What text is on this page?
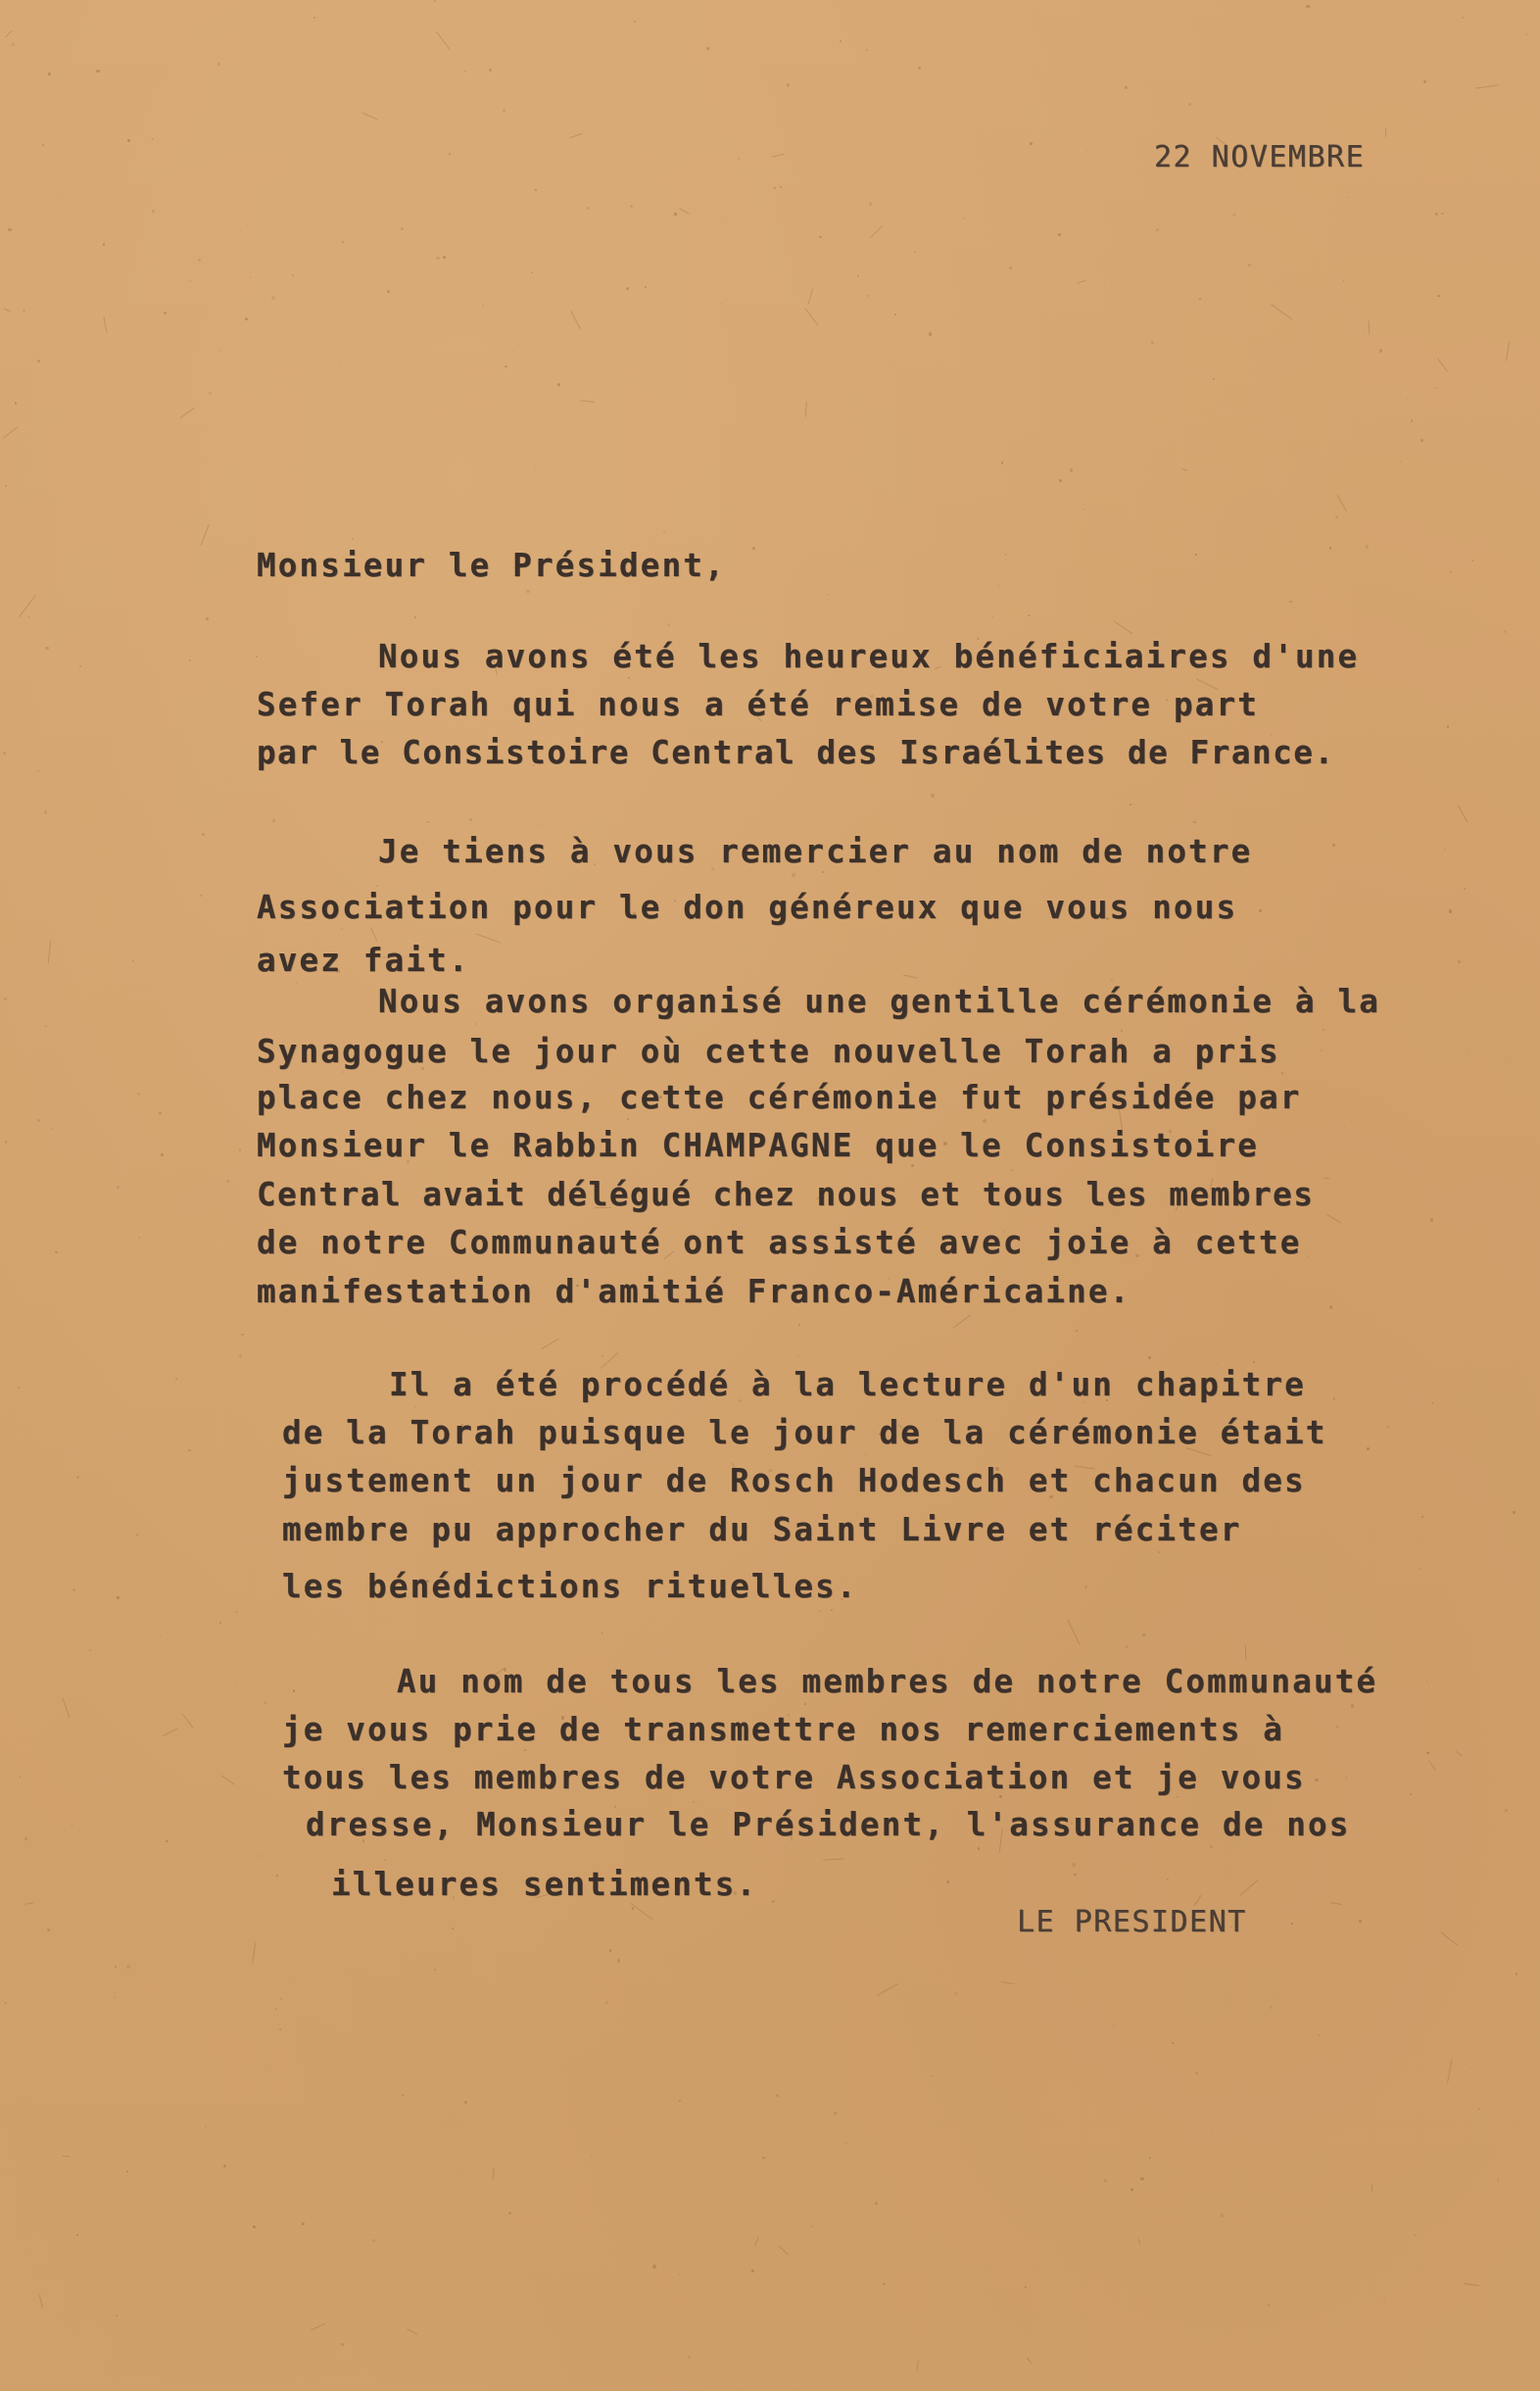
22 NOVEMBRE
Monsieur le Président,
Nous avons été les heureux bénéficiaires d'une
Sefer Torah qui nous a été remise de votre part
par le Consistoire Central des Israélites de France.
Je tiens à vous remercier au nom de notre
Association pour le don généreux que vous nous
avez fait.
Nous avons organisé une gentille cérémonie à la
Synagogue le jour où cette nouvelle Torah a pris
place chez nous, cette cérémonie fut présidée par
Monsieur le Rabbin CHAMPAGNE que le Consistoire
Central avait délégué chez nous et tous les membres
de notre Communauté ont assisté avec joie à cette
manifestation d'amitié Franco-Américaine.
Il a été procédé à la lecture d'un chapitre
de la Torah puisque le jour de la cérémonie était
justement un jour de Rosch Hodesch et chacun des
membre pu approcher du Saint Livre et réciter
les bénédictions rituelles.
Au nom de tous les membres de notre Communauté
je vous prie de transmettre nos remerciements à
tous les membres de votre Association et je vous
dresse, Monsieur le Président, l'assurance de nos
illeures sentiments.
LE PRESIDENT
